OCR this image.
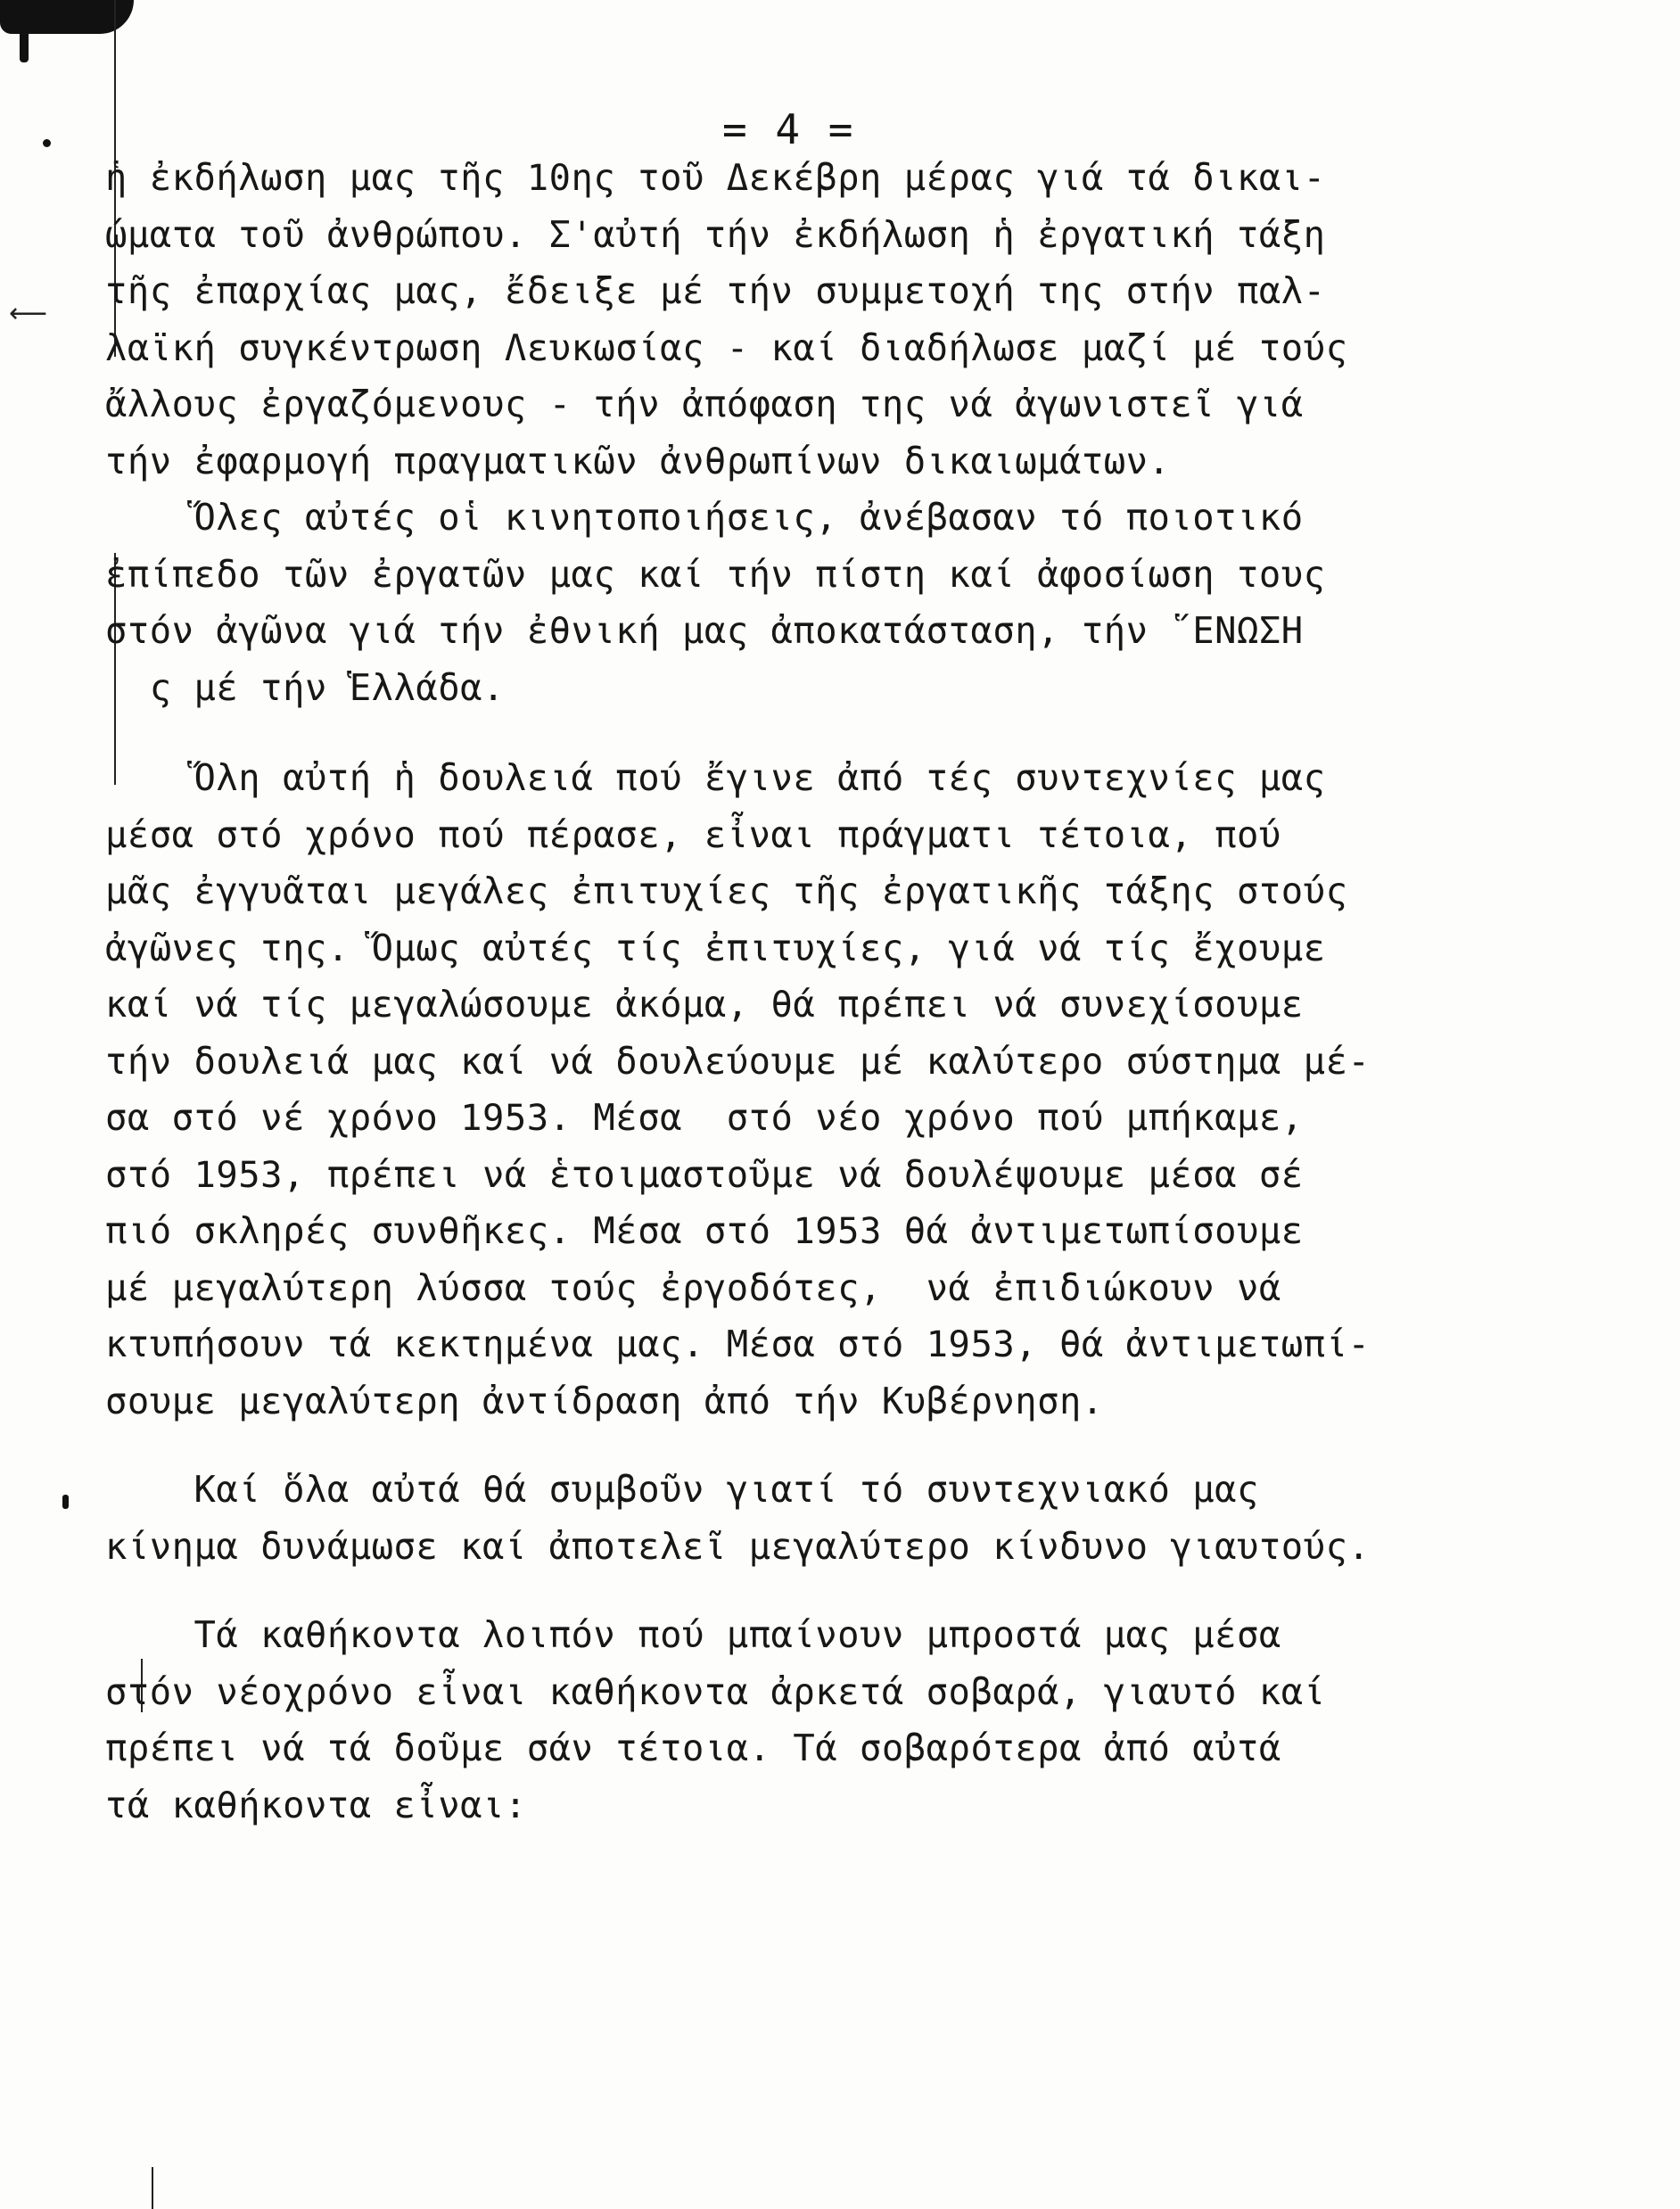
⟵
= 4 =
ἡ ἐκδήλωση μας τῆς 10ης τοῦ Δεκέβρη μέρας γιά τά δικαι-
ώματα τοῦ ἀνθρώπου. Σ'αὐτή τήν ἐκδήλωση ἡ ἐργατική τάξη
τῆς ἐπαρχίας μας, ἔδειξε μέ τήν συμμετοχή της στήν παλ-
λαϊκή συγκέντρωση Λευκωσίας - καί διαδήλωσε μαζί μέ τούς
ἄλλους ἐργαζόμενους - τήν ἀπόφαση της νά ἀγωνιστεῖ γιά
τήν ἐφαρμογή πραγματικῶν ἀνθρωπίνων δικαιωμάτων.
Ὅλες αὐτές οἱ κινητοποιήσεις, ἀνέβασαν τό ποιοτικό
ἐπίπεδο τῶν ἐργατῶν μας καί τήν πίστη καί ἀφοσίωση τους
στόν ἀγῶνα γιά τήν ἐθνική μας ἀποκατάσταση, τήν ῞ΕΝΩΣΗ
ς μέ τήν Ἑλλάδα.
Ὅλη αὐτή ἡ δουλειά πού ἔγινε ἀπό τές συντεχνίες μας
μέσα στό χρόνο πού πέρασε, εἶναι πράγματι τέτοια, πού
μᾶς ἐγγυᾶται μεγάλες ἐπιτυχίες τῆς ἐργατικῆς τάξης στούς
ἀγῶνες της. Ὅμως αὐτές τίς ἐπιτυχίες, γιά νά τίς ἔχουμε
καί νά τίς μεγαλώσουμε ἀκόμα, θά πρέπει νά συνεχίσουμε
τήν δουλειά μας καί νά δουλεύουμε μέ καλύτερο σύστημα μέ-
σα στό νέ χρόνο 1953. Μέσα  στό νέο χρόνο πού μπήκαμε,
στό 1953, πρέπει νά ἑτοιμαστοῦμε νά δουλέψουμε μέσα σέ
πιό σκληρές συνθῆκες. Μέσα στό 1953 θά ἀντιμετωπίσουμε
μέ μεγαλύτερη λύσσα τούς ἐργοδότες,  νά ἐπιδιώκουν νά
κτυπήσουν τά κεκτημένα μας. Μέσα στό 1953, θά ἀντιμετωπί-
σουμε μεγαλύτερη ἀντίδραση ἀπό τήν Κυβέρνηση.
Καί ὅλα αὐτά θά συμβοῦν γιατί τό συντεχνιακό μας
κίνημα δυνάμωσε καί ἀποτελεῖ μεγαλύτερο κίνδυνο γιαυτούς.
Τά καθήκοντα λοιπόν πού μπαίνουν μπροστά μας μέσα
στόν νέοχρόνο εἶναι καθήκοντα ἀρκετά σοβαρά, γιαυτό καί
πρέπει νά τά δοῦμε σάν τέτοια. Τά σοβαρότερα ἀπό αὐτά
τά καθήκοντα εἶναι:
